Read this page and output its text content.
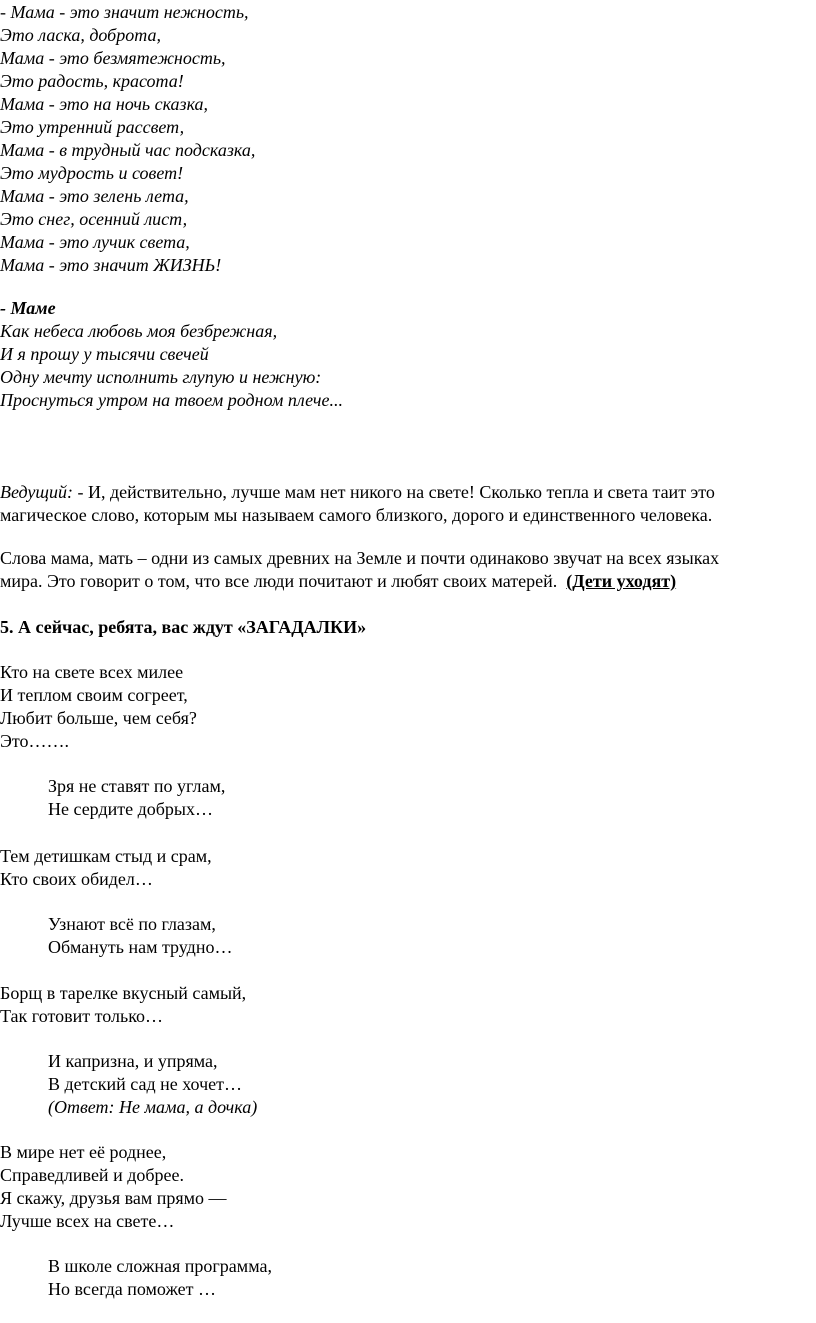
- Мама - это значит нежность,
Это ласка, доброта,
Мама - это безмятежность,
Это радость, красота!
Мама - это на ночь сказка,
Это утренний рассвет,
Мама - в трудный час подсказка,
Это мудрость и совет!
Мама - это зелень лета,
Это снег, осенний лист,
Мама - это лучик света,
Мама - это значит ЖИЗНЬ!
- Маме
Как небеса любовь моя безбрежная,
И я прошу у тысячи свечей
Одну мечту исполнить глупую и нежную:
Проснуться утром на твоем родном плече...
Ведущий: - И, действительно, лучше мам нет никого на свете! Сколько тепла и света таит это
магическое слово, которым мы называем самого близкого, дорого и единственного человека.
Слова мама, мать – одни из самых древних на Земле и почти одинаково звучат на всех языках
мира. Это говорит о том, что все люди почитают и любят своих матерей.  (Дети уходят)
5. А сейчас, ребята, вас ждут «ЗАГАДАЛКИ»
Кто на свете всех милее
И теплом своим согреет,
Любит больше, чем себя?
Это…….
Зря не ставят по углам,
Не сердите добрых…
Тем детишкам стыд и срам,
Кто своих обидел…
Узнают всё по глазам,
Обмануть нам трудно…
Борщ в тарелке вкусный самый,
Так готовит только…
И капризна, и упряма,
В детский сад не хочет…
(Ответ: Не мама, а дочка)
В мире нет её роднее,
Справедливей и добрее.
Я скажу, друзья вам прямо —
Лучше всех на свете…
В школе сложная программа,
Но всегда поможет …
